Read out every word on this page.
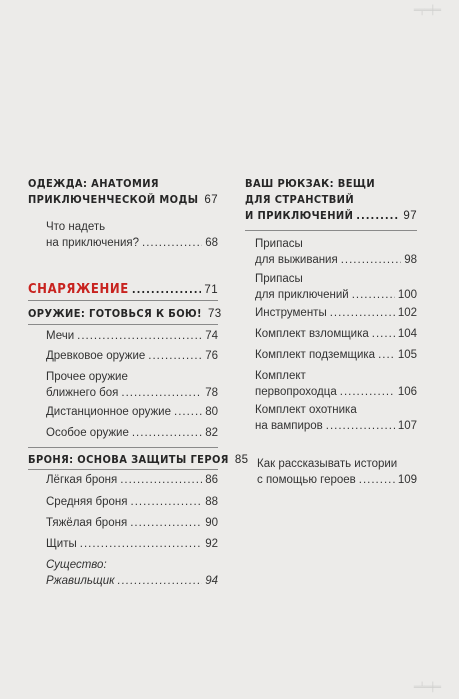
═╤═╪═
═╧═╪═
ОДЕЖДА: АНАТОМИЯ
ПРИКЛЮЧЕНЧЕСКОЙ МОДЫ ..... 67
Что надеть
на приключения? .....	68
СНАРЯЖЕНИЕ .....	71
ОРУЖИЕ: ГОТОВЬСЯ К БОЮ! 73
Мечи .....	74
Древковое оружие .....	76
Прочее оружие
ближнего боя .....	78
Дистанционное оружие .....	80
Особое оружие .....	82
БРОНЯ: ОСНОВА ЗАЩИТЫ ГЕРОЯ 85
Лёгкая броня .....	86
Средняя броня .....	88
Тяжёлая броня .....	90
Щиты .....	92
Существо:
Ржавильщик .....	94
ВАШ РЮКЗАК: ВЕЩИ
ДЛЯ СТРАНСТВИЙ
И ПРИКЛЮЧЕНИЙ .....	97
Припасы
для выживания .....	98
Припасы
для приключений .....	100
Инструменты .....	102
Комплект взломщика .....	104
Комплект подземщика ..... 105
Комплект
первопроходца .....	106
Комплект охотника
на вампиров .....	107
Как рассказывать истории
с помощью героев .....	109
